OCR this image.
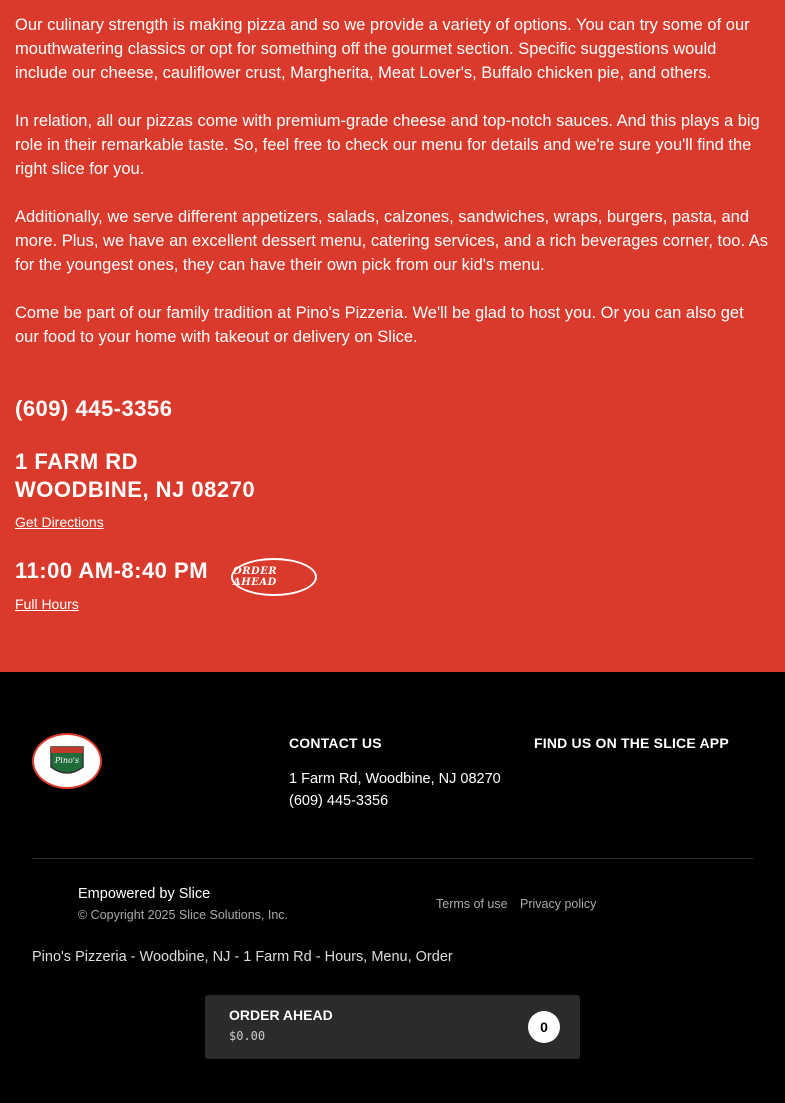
Our culinary strength is making pizza and so we provide a variety of options. You can try some of our mouthwatering classics or opt for something off the gourmet section. Specific suggestions would include our cheese, cauliflower crust, Margherita, Meat Lover's, Buffalo chicken pie, and others.

In relation, all our pizzas come with premium-grade cheese and top-notch sauces. And this plays a big role in their remarkable taste. So, feel free to check our menu for details and we're sure you'll find the right slice for you.

Additionally, we serve different appetizers, salads, calzones, sandwiches, wraps, burgers, pasta, and more. Plus, we have an excellent dessert menu, catering services, and a rich beverages corner, too. As for the youngest ones, they can have their own pick from our kid's menu.

Come be part of our family tradition at Pino's Pizzeria. We'll be glad to host you. Or you can also get our food to your home with takeout or delivery on Slice.

(609) 445-3356
1 FARM RD
WOODBINE, NJ 08270
Get Directions
11:00 AM-8:40 PM ORDER AHEAD
Full Hours
Pino's
CONTACT US
1 Farm Rd, Woodbine, NJ 08270
(609) 445-3356
FIND US ON THE SLICE APP
Empowered by Slice
© Copyright 2025 Slice Solutions, Inc.
Terms of use Privacy policy
Pino's Pizzeria - Woodbine, NJ - 1 Farm Rd - Hours, Menu, Order
ORDER AHEAD
$0.00
0
